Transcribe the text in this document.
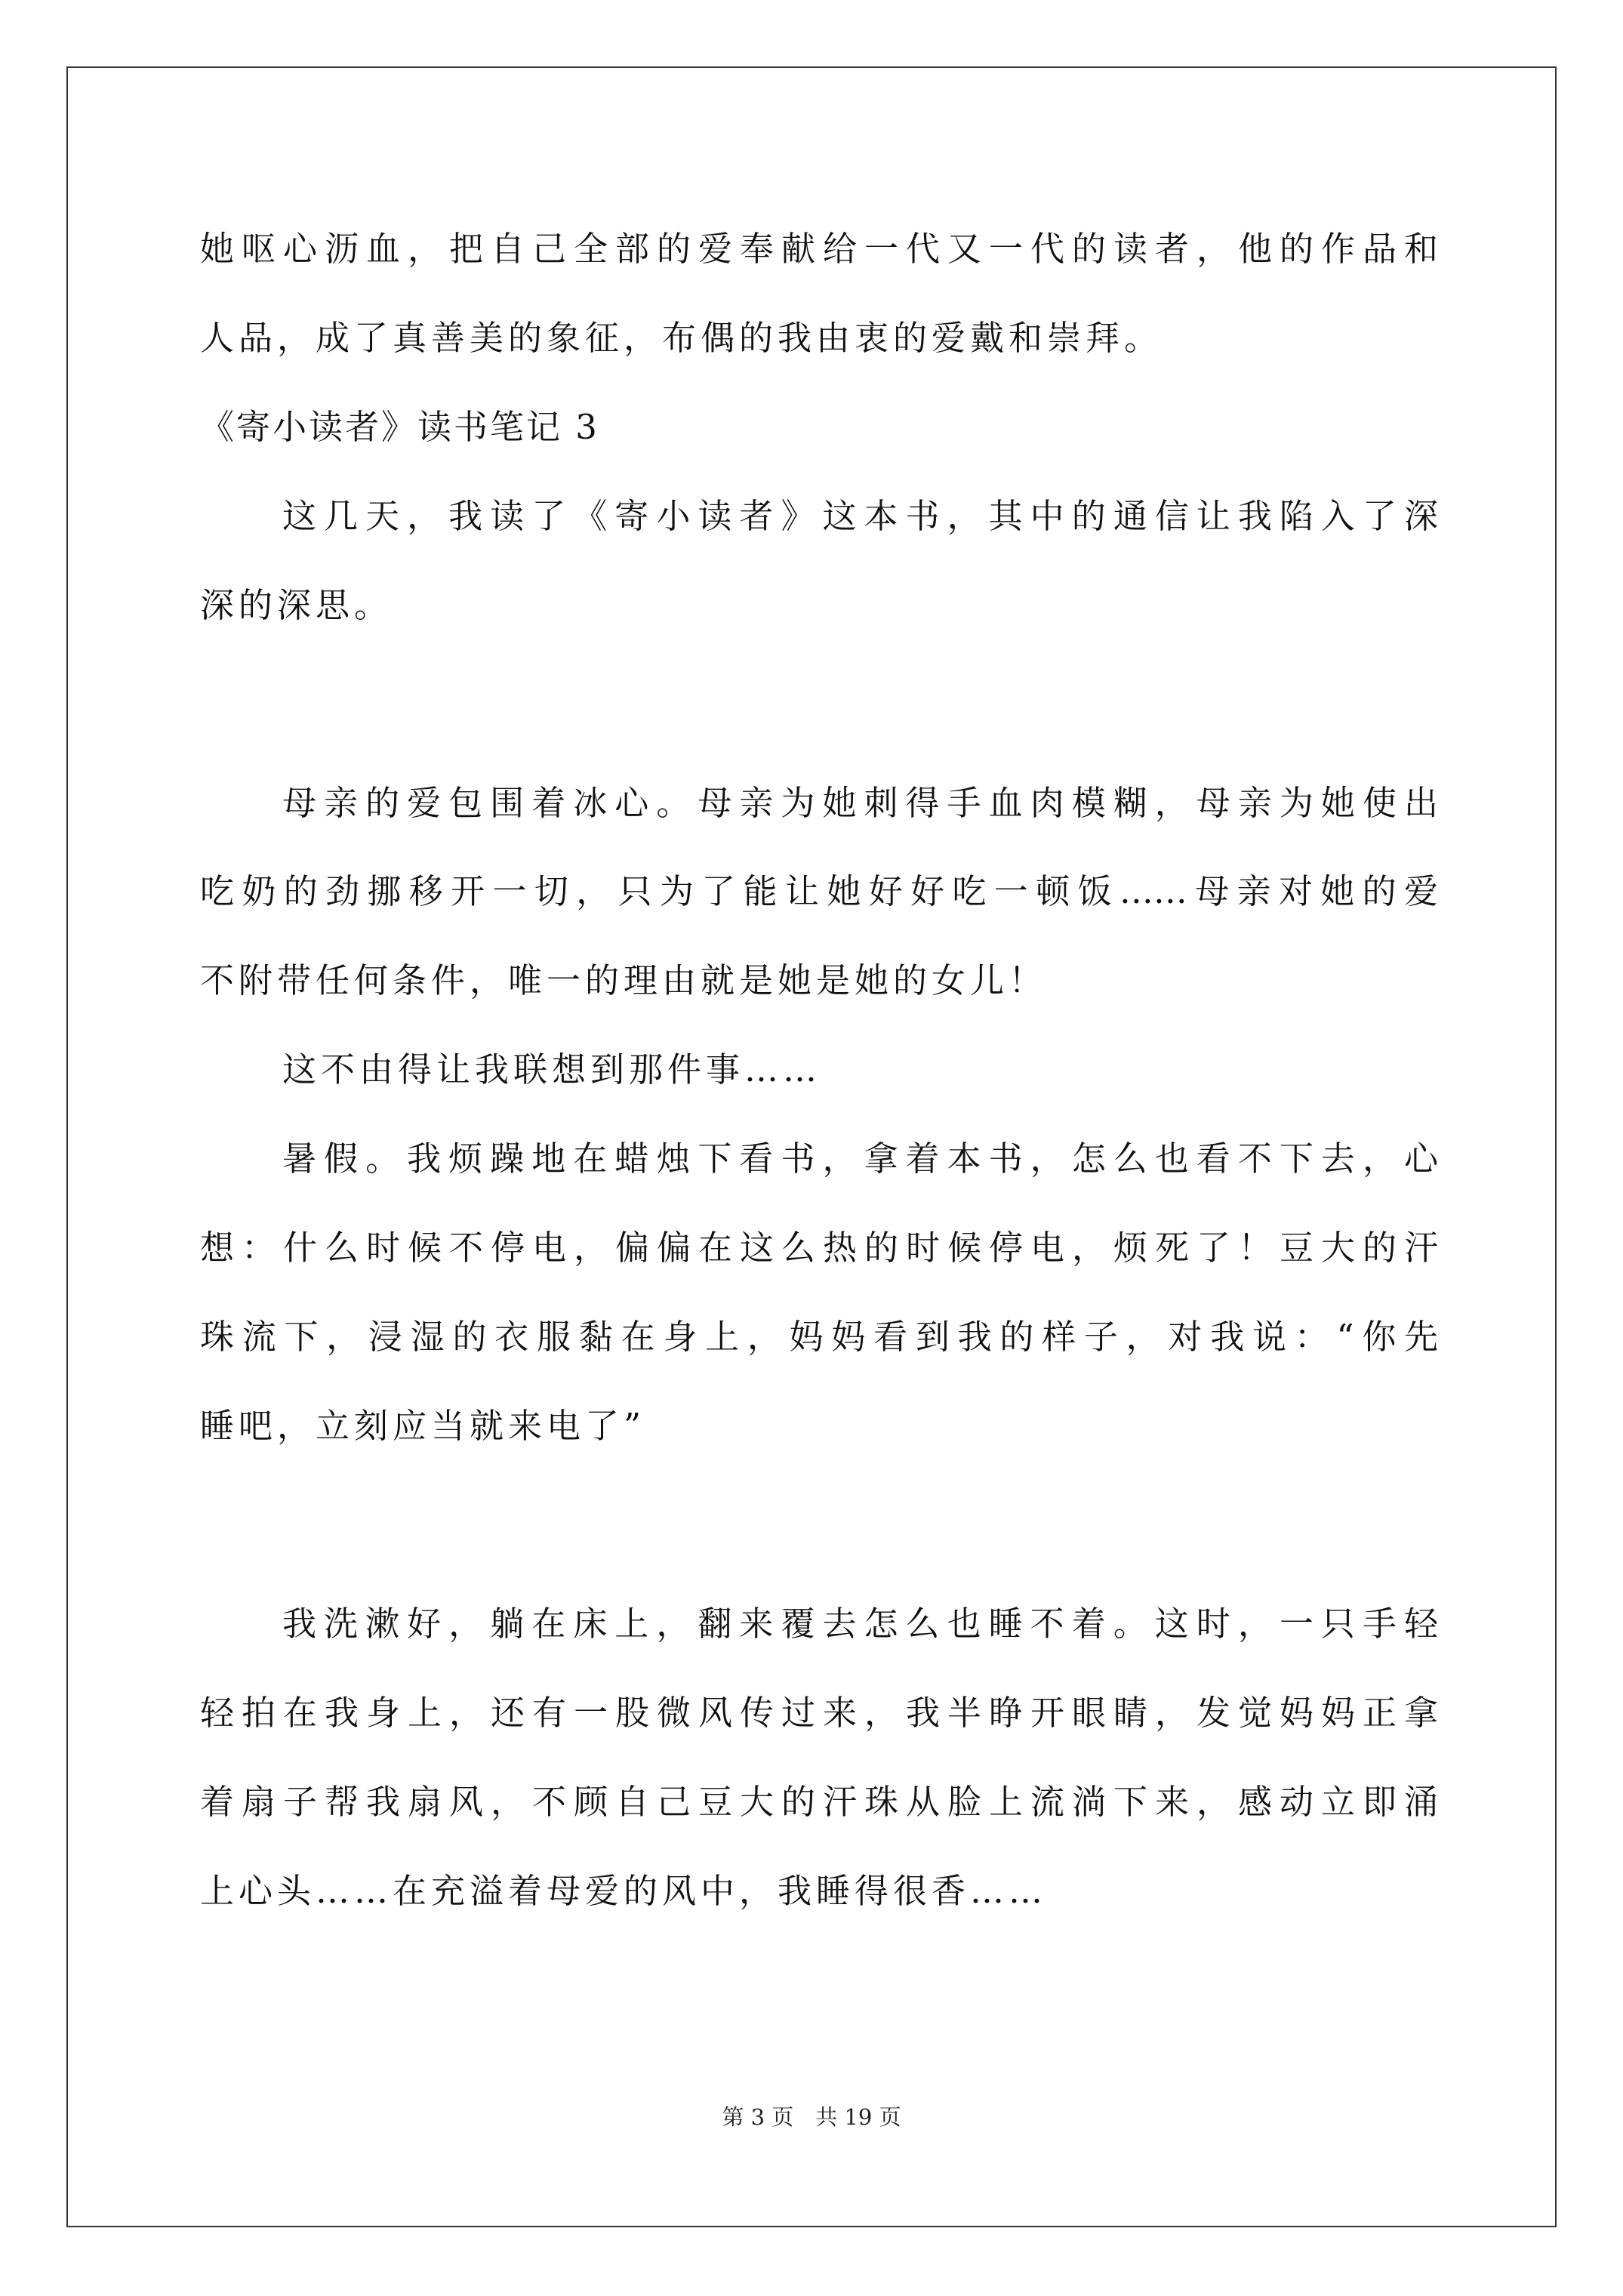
她呕心沥血，把自己全部的爱奉献给一代又一代的读者，他的作品和
人品，成了真善美的象征，布偶的我由衷的爱戴和崇拜。
《寄小读者》读书笔记 3
这几天，我读了《寄小读者》这本书，其中的通信让我陷入了深
深的深思。
母亲的爱包围着冰心。母亲为她刺得手血肉模糊，母亲为她使出
吃奶的劲挪移开一切，只为了能让她好好吃一顿饭……母亲对她的爱
不附带任何条件，唯一的理由就是她是她的女儿！
这不由得让我联想到那件事……
暑假。我烦躁地在蜡烛下看书，拿着本书，怎么也看不下去，心
想：什么时候不停电，偏偏在这么热的时候停电，烦死了！豆大的汗
珠流下，浸湿的衣服黏在身上，妈妈看到我的样子，对我说：“你先
睡吧，立刻应当就来电了”
我洗漱好，躺在床上，翻来覆去怎么也睡不着。这时，一只手轻
轻拍在我身上，还有一股微风传过来，我半睁开眼睛，发觉妈妈正拿
着扇子帮我扇风，不顾自己豆大的汗珠从脸上流淌下来，感动立即涌
上心头……在充溢着母爱的风中，我睡得很香……
第 3 页　共 19 页
